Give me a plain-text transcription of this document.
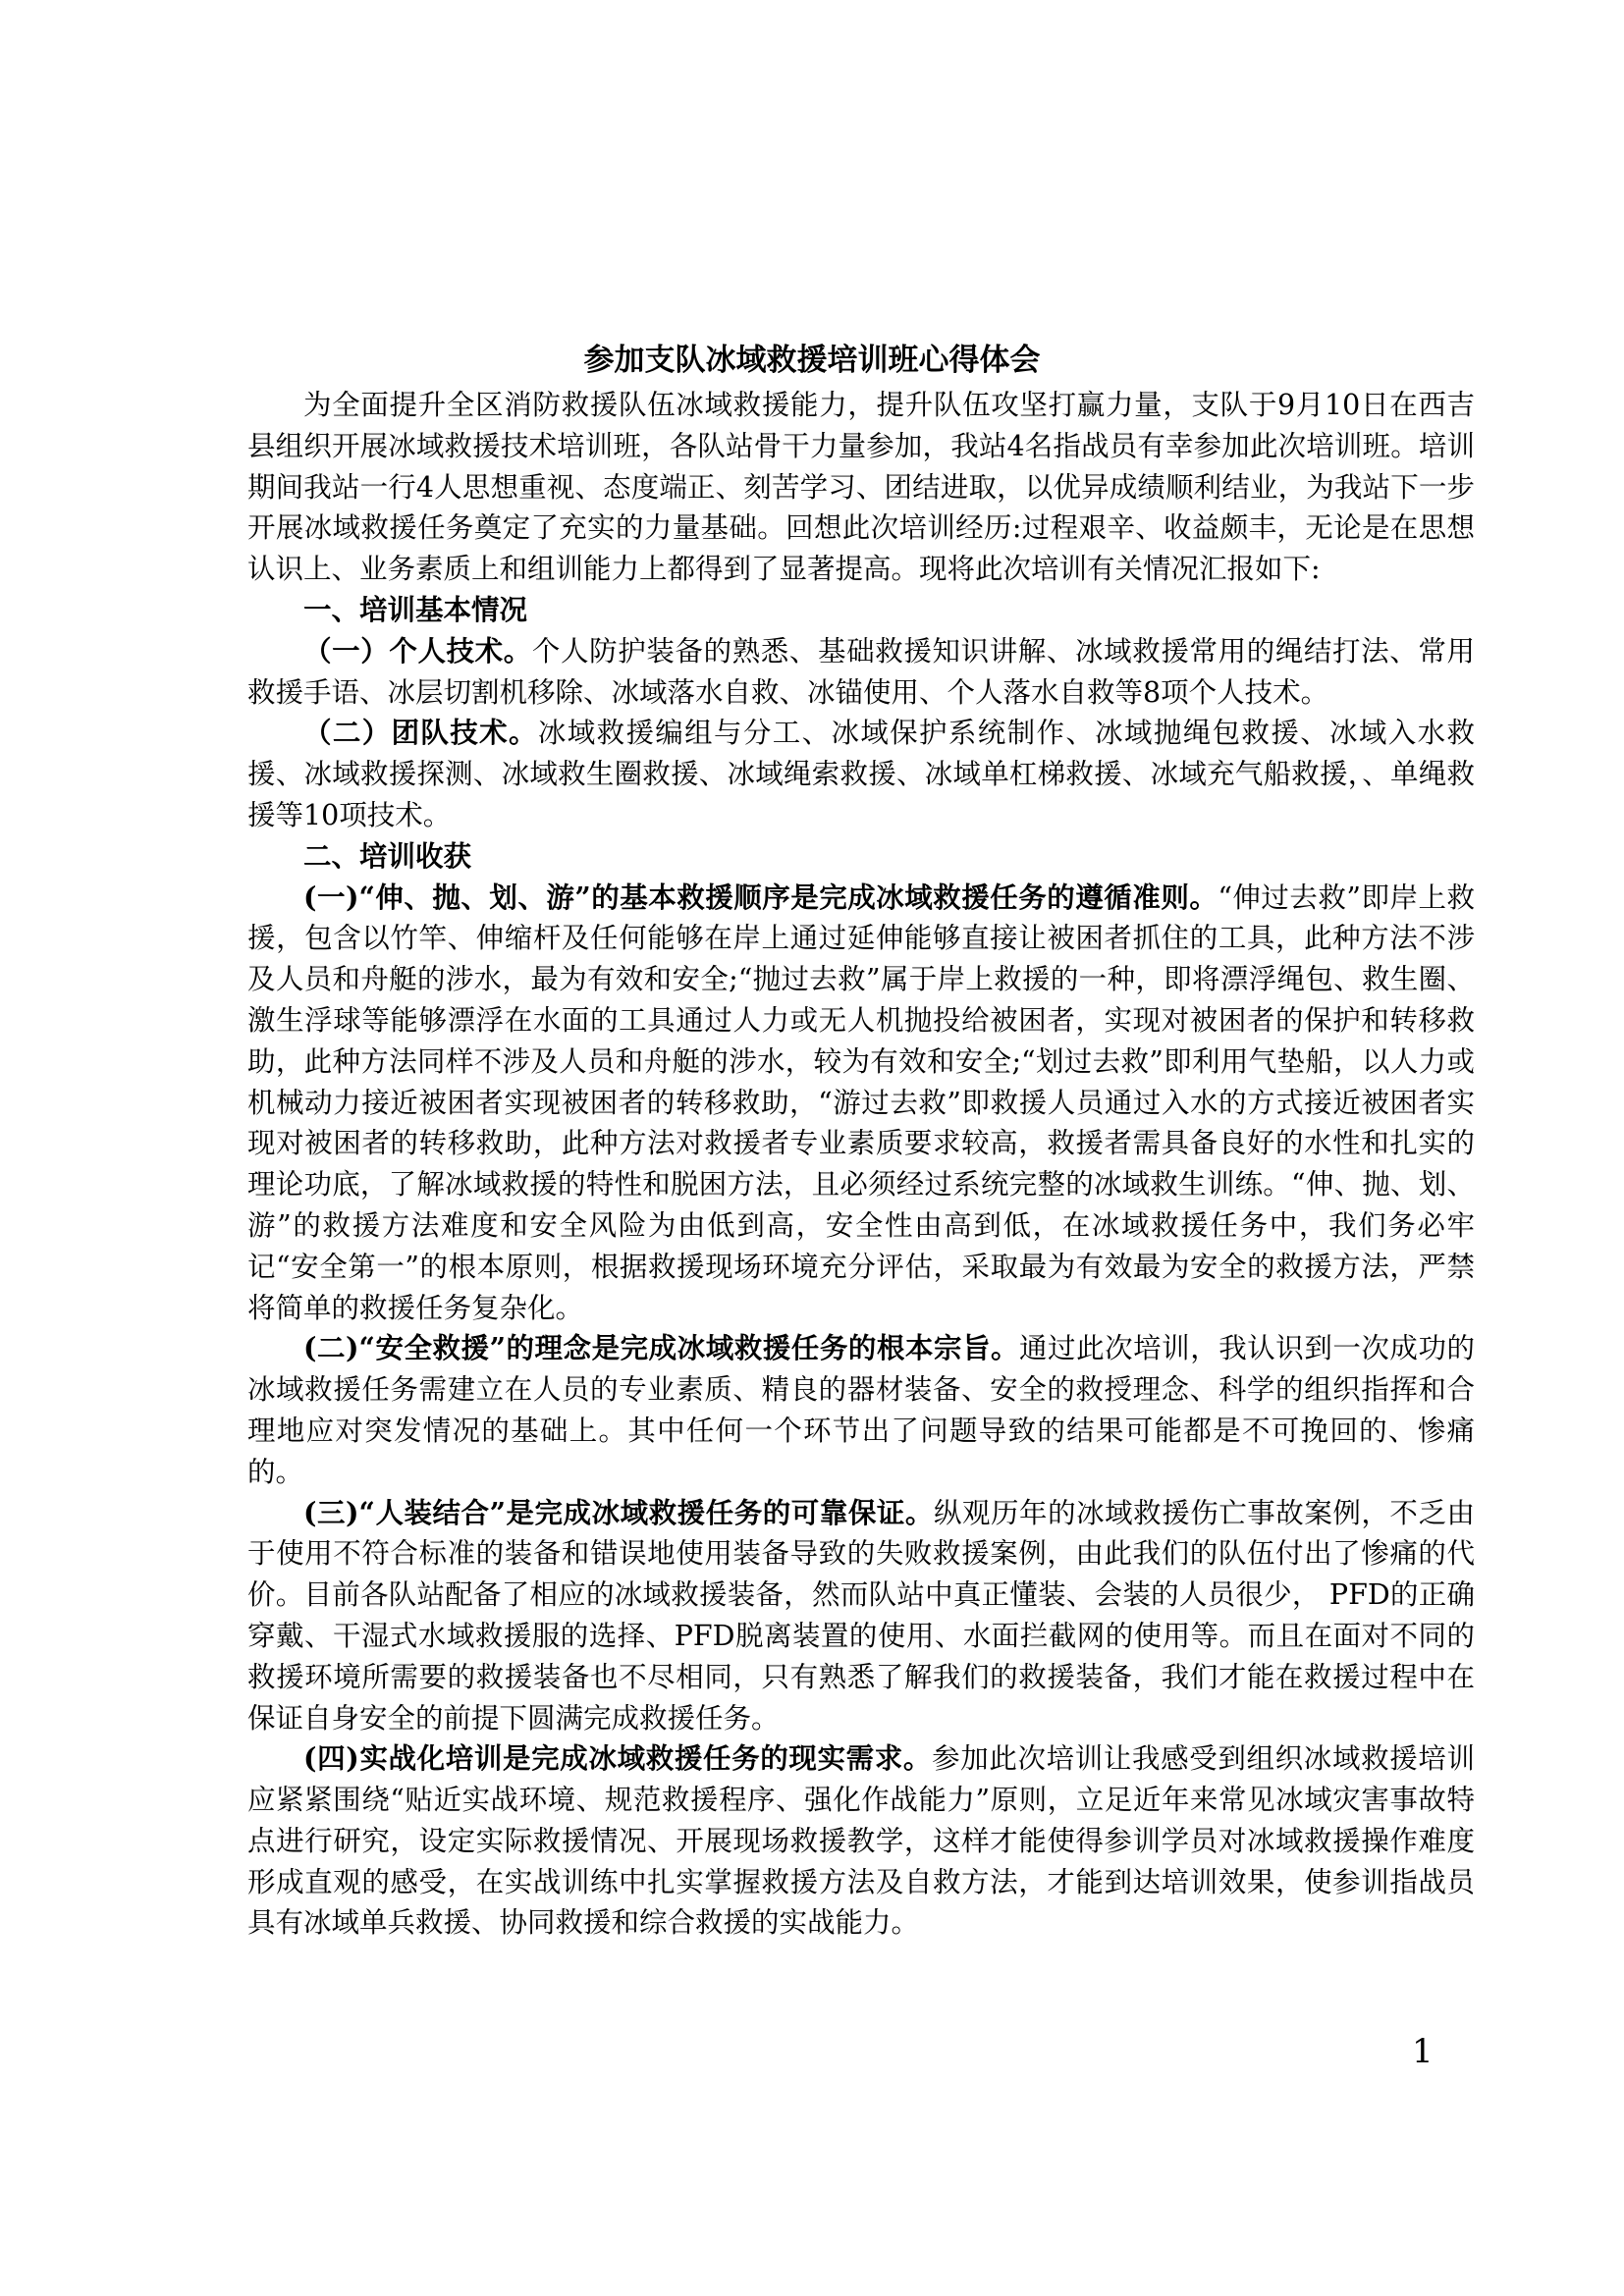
参加支队冰域救援培训班心得体会

为全面提升全区消防救援队伍冰域救援能力，提升队伍攻坚打赢力量，支队于9月10日在西吉县组织开展冰域救援技术培训班，各队站骨干力量参加，我站4名指战员有幸参加此次培训班。培训期间我站一行4人思想重视、态度端正、刻苦学习、团结进取，以优异成绩顺利结业，为我站下一步开展冰域救援任务奠定了充实的力量基础。回想此次培训经历:过程艰辛、收益颇丰，无论是在思想认识上、业务素质上和组训能力上都得到了显著提高。现将此次培训有关情况汇报如下:

一、培训基本情况

（一）个人技术。个人防护装备的熟悉、基础救援知识讲解、冰域救援常用的绳结打法、常用救援手语、冰层切割机移除、冰域落水自救、冰锚使用、个人落水自救等8项个人技术。

（二）团队技术。冰域救援编组与分工、冰域保护系统制作、冰域抛绳包救援、冰域入水救援、冰域救援探测、冰域救生圈救援、冰域绳索救援、冰域单杠梯救援、冰域充气船救援，、单绳救援等10项技术。

二、培训收获

(一)“伸、抛、划、游”的基本救援顺序是完成冰域救援任务的遵循准则。“伸过去救”即岸上救援，包含以竹竿、伸缩杆及任何能够在岸上通过延伸能够直接让被困者抓住的工具，此种方法不涉及人员和舟艇的涉水，最为有效和安全;“抛过去救”属于岸上救援的一种，即将漂浮绳包、救生圈、激生浮球等能够漂浮在水面的工具通过人力或无人机抛投给被困者，实现对被困者的保护和转移救助，此种方法同样不涉及人员和舟艇的涉水，较为有效和安全;“划过去救”即利用气垫船，以人力或机械动力接近被困者实现被困者的转移救助，“游过去救”即救援人员通过入水的方式接近被困者实现对被困者的转移救助，此种方法对救援者专业素质要求较高，救援者需具备良好的水性和扎实的理论功底，了解冰域救援的特性和脱困方法，且必须经过系统完整的冰域救生训练。“伸、抛、划、游”的救援方法难度和安全风险为由低到高，安全性由高到低，在冰域救援任务中，我们务必牢记“安全第一”的根本原则，根据救援现场环境充分评估，采取最为有效最为安全的救援方法，严禁将简单的救援任务复杂化。

(二)“安全救援”的理念是完成冰域救援任务的根本宗旨。通过此次培训，我认识到一次成功的冰域救援任务需建立在人员的专业素质、精良的器材装备、安全的救授理念、科学的组织指挥和合理地应对突发情况的基础上。其中任何一个环节出了问题导致的结果可能都是不可挽回的、惨痛的。

(三)“人装结合”是完成冰域救援任务的可靠保证。纵观历年的冰域救援伤亡事故案例，不乏由于使用不符合标准的装备和错误地使用装备导致的失败救援案例，由此我们的队伍付出了惨痛的代价。目前各队站配备了相应的冰域救援装备，然而队站中真正懂装、会装的人员很少， PFD的正确穿戴、干湿式水域救援服的选择、PFD脱离装置的使用、水面拦截网的使用等。而且在面对不同的救援环境所需要的救援装备也不尽相同，只有熟悉了解我们的救援装备，我们才能在救援过程中在保证自身安全的前提下圆满完成救援任务。

(四)实战化培训是完成冰域救援任务的现实需求。参加此次培训让我感受到组织冰域救援培训应紧紧围绕“贴近实战环境、规范救援程序、强化作战能力”原则，立足近年来常见冰域灾害事故特点进行研究，设定实际救援情况、开展现场救援教学，这样才能使得参训学员对冰域救援操作难度形成直观的感受，在实战训练中扎实掌握救援方法及自救方法，才能到达培训效果，使参训指战员具有冰域单兵救援、协同救援和综合救援的实战能力。

1
